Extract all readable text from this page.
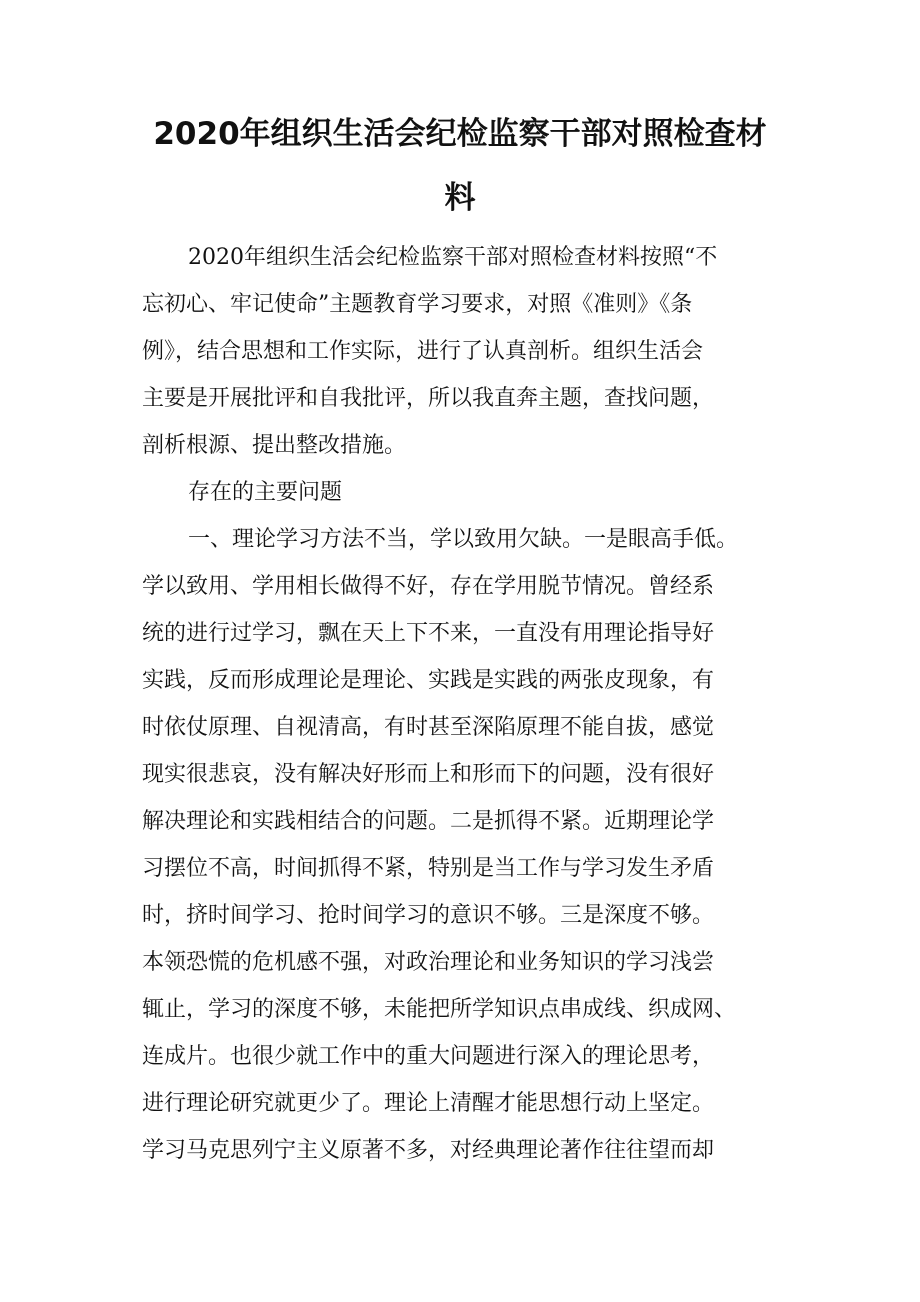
2020年组织生活会纪检监察干部对照检查材
料
2020年组织生活会纪检监察干部对照检查材料按照“不
忘初心、牢记使命”主题教育学习要求，对照《准则》《条
例》，结合思想和工作实际，进行了认真剖析。组织生活会
主要是开展批评和自我批评，所以我直奔主题，查找问题，
剖析根源、提出整改措施。
存在的主要问题
一、理论学习方法不当，学以致用欠缺。一是眼高手低。
学以致用、学用相长做得不好，存在学用脱节情况。曾经系
统的进行过学习，飘在天上下不来，一直没有用理论指导好
实践，反而形成理论是理论、实践是实践的两张皮现象，有
时依仗原理、自视清高，有时甚至深陷原理不能自拔，感觉
现实很悲哀，没有解决好形而上和形而下的问题，没有很好
解决理论和实践相结合的问题。二是抓得不紧。近期理论学
习摆位不高，时间抓得不紧，特别是当工作与学习发生矛盾
时，挤时间学习、抢时间学习的意识不够。三是深度不够。
本领恐慌的危机感不强，对政治理论和业务知识的学习浅尝
辄止，学习的深度不够，未能把所学知识点串成线、织成网、
连成片。也很少就工作中的重大问题进行深入的理论思考，
进行理论研究就更少了。理论上清醒才能思想行动上坚定。
学习马克思列宁主义原著不多，对经典理论著作往往望而却
